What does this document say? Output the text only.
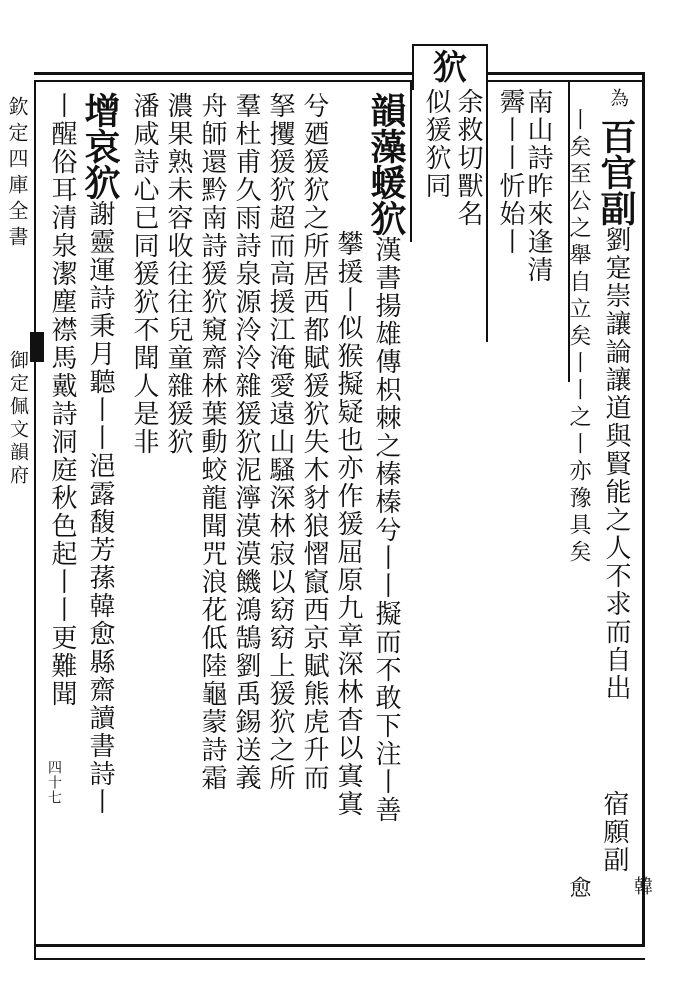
狖
欽定四庫全書
御定佩文韻府
四十七
為
百官副劉寔崇讓論讓道與賢能之人不求而自出
宿願副
韓
丨矣至公之舉自立矣丨丨之丨亦豫具矣
愈
南山詩昨來逢清
霽丨丨忻始丨
余救切獸名
似猨狖同
韻藻蝯狖漢書揚雄傳枳棘之榛榛兮丨丨擬而不敢下注丨善
攀援丨似猴擬疑也亦作猨屈原九章深林杳以寘寘
兮廼猨狖之所居西都賦猨狖失木豺狼慴竄西京賦熊虎升而
拏攫猨狖超而高援江淹愛遠山騷深林寂以窈窈上猨狖之所
羣杜甫久雨詩泉源泠泠雜猨狖泥濘漠漠饑鴻鵠劉禹錫送義
舟師還黔南詩猨狖窺齋林葉動蛟龍聞咒浪花低陸龜蒙詩霜
濃果熟未容收往往兒童雜猨狖
潘咸詩心已同猨狖不聞人是非
增哀狖謝靈運詩秉月聽丨丨浥露馥芳蓀韓愈縣齋讀書詩丨
丨醒俗耳清泉潔塵襟馬戴詩洞庭秋色起丨丨更難聞
